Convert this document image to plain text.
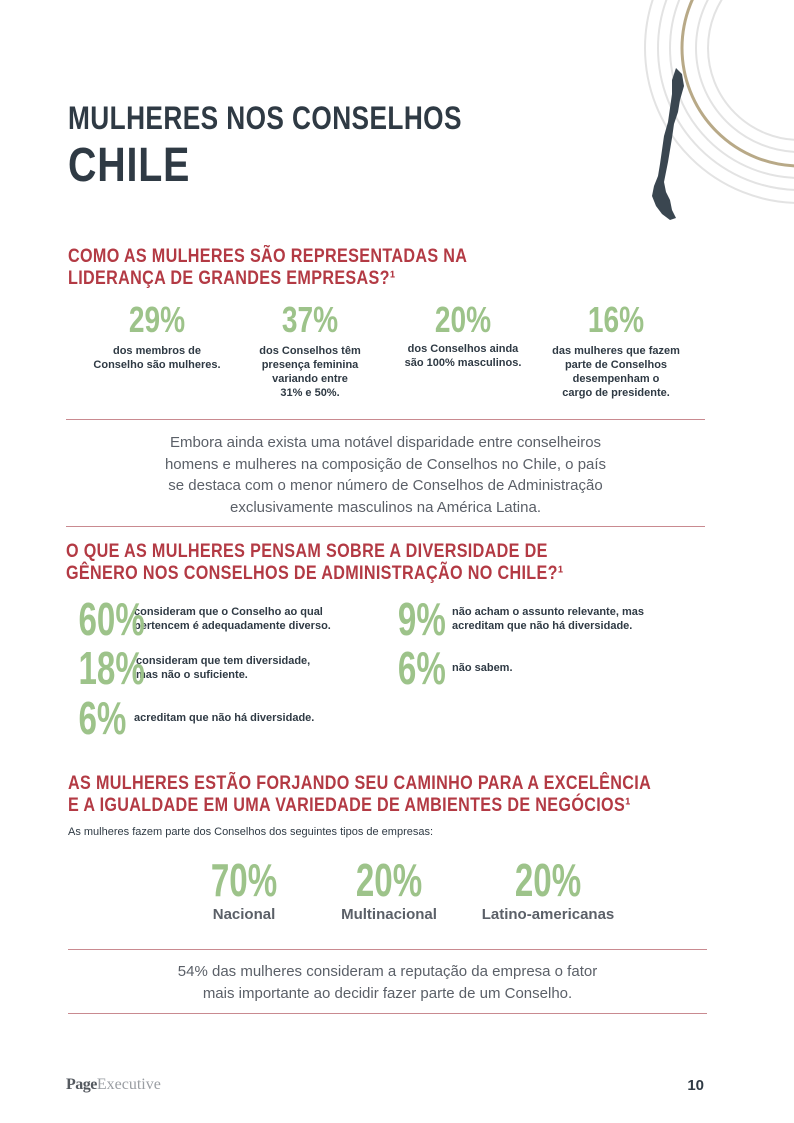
MULHERES NOS CONSELHOS
CHILE
COMO AS MULHERES SÃO REPRESENTADAS NA
LIDERANÇA DE GRANDES EMPRESAS?¹
29%
dos membros de
Conselho são mulheres.
37%
dos Conselhos têm
presença feminina
variando entre
31% e 50%.
20%
dos Conselhos ainda
são 100% masculinos.
16%
das mulheres que fazem
parte de Conselhos
desempenham o
cargo de presidente.
Embora ainda exista uma notável disparidade entre conselheiros
homens e mulheres na composição de Conselhos no Chile, o país
se destaca com o menor número de Conselhos de Administração
exclusivamente masculinos na América Latina.
O QUE AS MULHERES PENSAM SOBRE A DIVERSIDADE DE
GÊNERO NOS CONSELHOS DE ADMINISTRAÇÃO NO CHILE?¹
60%
consideram que o Conselho ao qual
pertencem é adequadamente diverso.
18%
consideram que tem diversidade,
mas não o suficiente.
6% acreditam que não há diversidade.
9% não acham o assunto relevante, mas
acreditam que não há diversidade.
6% não sabem.
AS MULHERES ESTÃO FORJANDO SEU CAMINHO PARA A EXCELÊNCIA
E A IGUALDADE EM UMA VARIEDADE DE AMBIENTES DE NEGÓCIOS¹
As mulheres fazem parte dos Conselhos dos seguintes tipos de empresas:
70%
Nacional
20%
Multinacional
20%
Latino-americanas
54% das mulheres consideram a reputação da empresa o fator
mais importante ao decidir fazer parte de um Conselho.
PageExecutive	10
